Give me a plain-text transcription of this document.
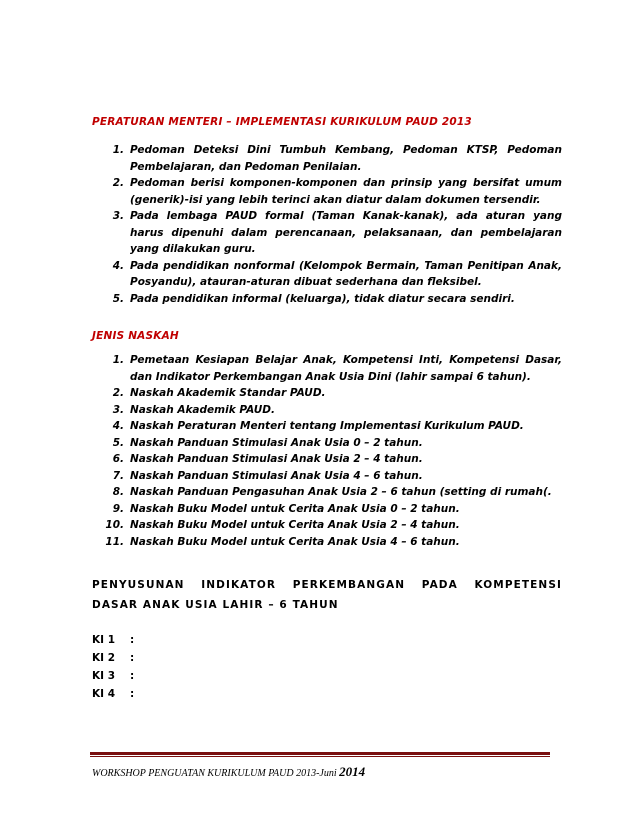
PERATURAN MENTERI – IMPLEMENTASI KURIKULUM PAUD 2013
1. Pedoman Deteksi Dini Tumbuh Kembang, Pedoman KTSP, Pedoman Pembelajaran, dan Pedoman Penilaian.
2. Pedoman berisi komponen-komponen dan prinsip yang bersifat umum (generik)-isi yang lebih terinci akan diatur dalam dokumen tersendir.
3. Pada lembaga PAUD formal (Taman Kanak-kanak), ada aturan yang harus dipenuhi dalam perencanaan, pelaksanaan, dan pembelajaran yang dilakukan guru.
4. Pada pendidikan nonformal (Kelompok Bermain, Taman Penitipan Anak, Posyandu), atauran-aturan dibuat sederhana dan fleksibel.
5. Pada pendidikan informal (keluarga), tidak diatur secara sendiri.
JENIS NASKAH
1. Pemetaan Kesiapan Belajar Anak, Kompetensi Inti, Kompetensi Dasar, dan Indikator Perkembangan Anak Usia Dini (lahir sampai 6 tahun).
2. Naskah Akademik Standar PAUD.
3. Naskah Akademik PAUD.
4. Naskah Peraturan Menteri tentang Implementasi Kurikulum PAUD.
5. Naskah Panduan Stimulasi Anak Usia 0 – 2 tahun.
6. Naskah Panduan Stimulasi Anak Usia 2 – 4 tahun.
7. Naskah Panduan Stimulasi Anak Usia 4 – 6 tahun.
8. Naskah Panduan Pengasuhan Anak Usia 2 – 6 tahun (setting di rumah(.
9. Naskah Buku Model untuk Cerita Anak Usia 0 – 2 tahun.
10. Naskah Buku Model untuk Cerita Anak Usia 2 – 4 tahun.
11. Naskah Buku Model untuk Cerita Anak Usia 4 – 6 tahun.
PENYUSUNAN INDIKATOR PERKEMBANGAN PADA KOMPETENSI DASAR ANAK USIA LAHIR – 6 TAHUN
KI 1 :
KI 2 :
KI 3 :
KI 4 :
WORKSHOP PENGUATAN KURIKULUM PAUD 2013-Juni 2014
